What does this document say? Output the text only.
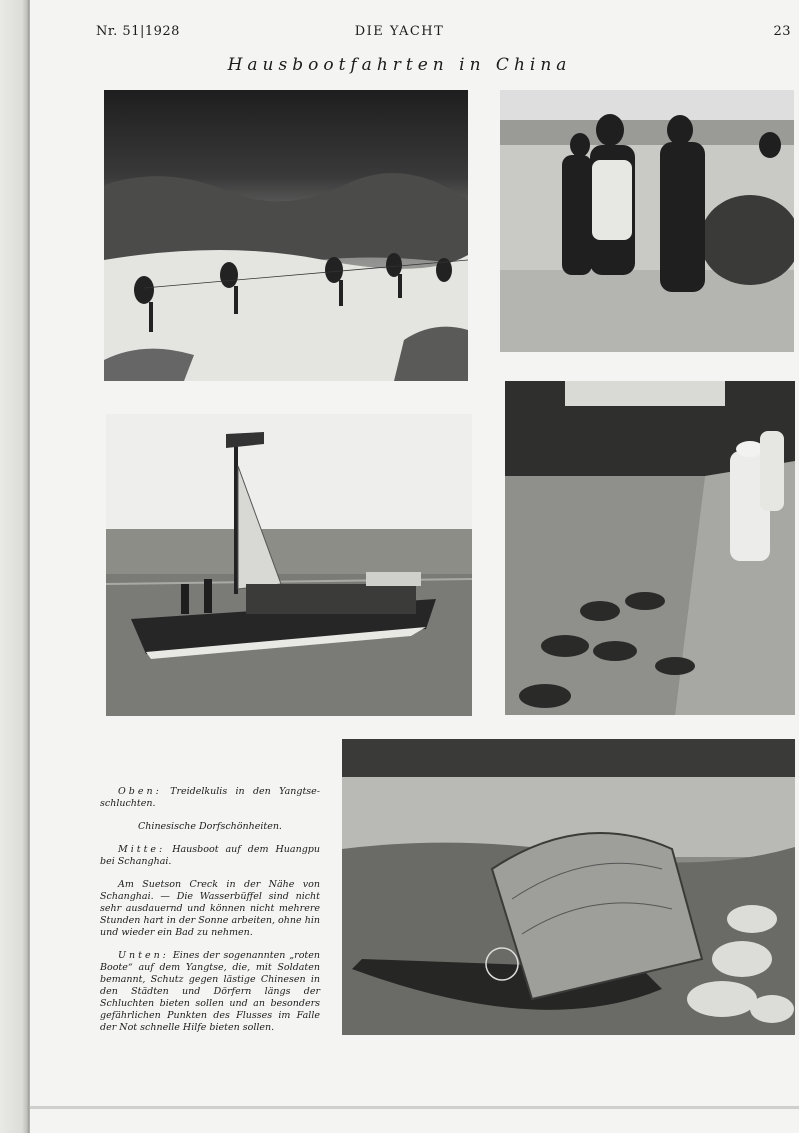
Nr. 51|1928	DIE YACHT	23
Hausbootfahrten in China

Oben: Treidelkulis in den Yangtse-schluchten.

Chinesische Dorfschönheiten.

Mitte: Hausboot auf dem Huangpu bei Schanghai.

Am Suetson Creck in der Nähe von Schanghai. — Die Wasserbüffel sind nicht sehr ausdauernd und können nicht mehrere Stunden hart in der Sonne arbeiten, ohne hin und wieder ein Bad zu nehmen.

Unten: Eines der sogenannten „roten Boote“ auf dem Yangtse, die, mit Soldaten bemannt, Schutz gegen lästige Chinesen in den Städten und Dörfern längs der Schluchten bieten sollen und an besonders gefährlichen Punkten des Flusses im Falle der Not schnelle Hilfe bieten sollen.
